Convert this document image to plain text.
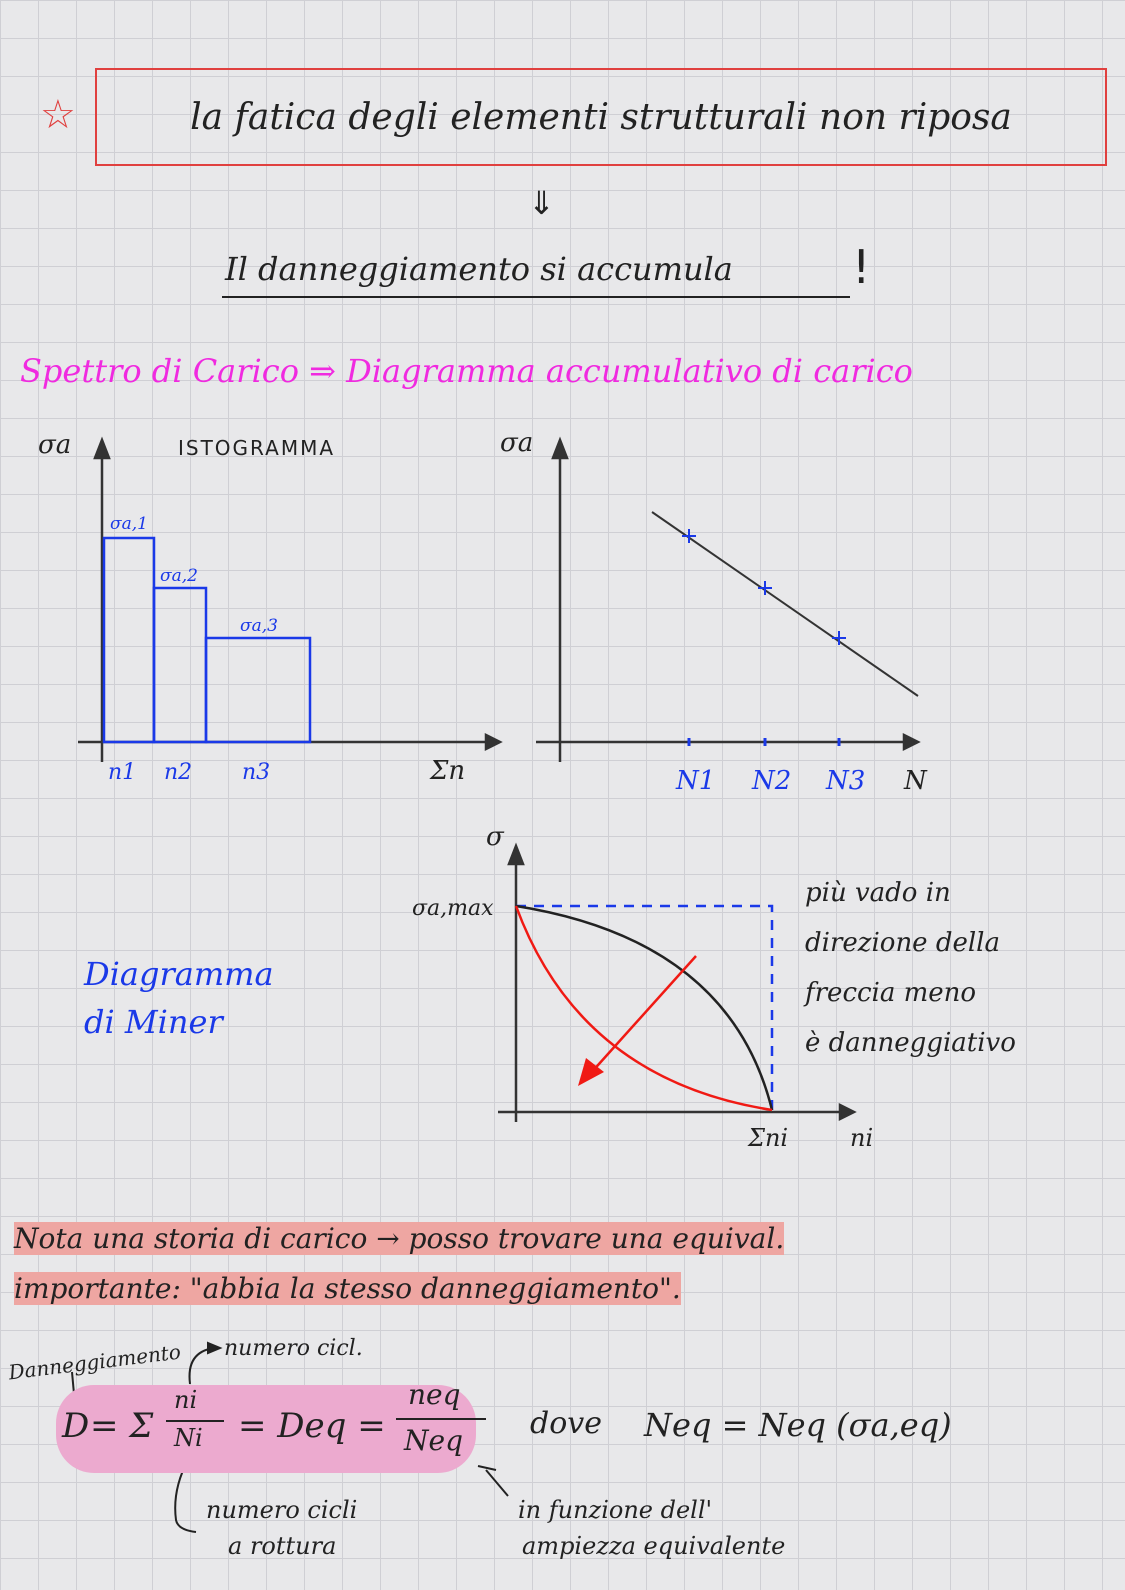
☆	la fatica degli elementi strutturali non riposa
⇓
Il danneggiamento si accumula	!
Spettro di Carico ⇒ Diagramma accumulativo di carico
ISTOGRAMMA
σa
Σn
σa,1
σa,2
σa,3
n1 n2 n3
σa
N1 N2 N3 N
Diagramma
di Miner
σ
σa,max
Σni	ni
più vado in
direzione della
freccia meno
è danneggiativo
Nota una storia di carico → posso trovare una equival.
importante: "abbia la stesso danneggiamento".
Danneggiamento numero cicl.
D = Σ
ni
Ni = Deq =
neq
Neq dove Neq = Neq (σa,eq)
numero cicli
a rottura
in funzione dell'
ampiezza equivalente
